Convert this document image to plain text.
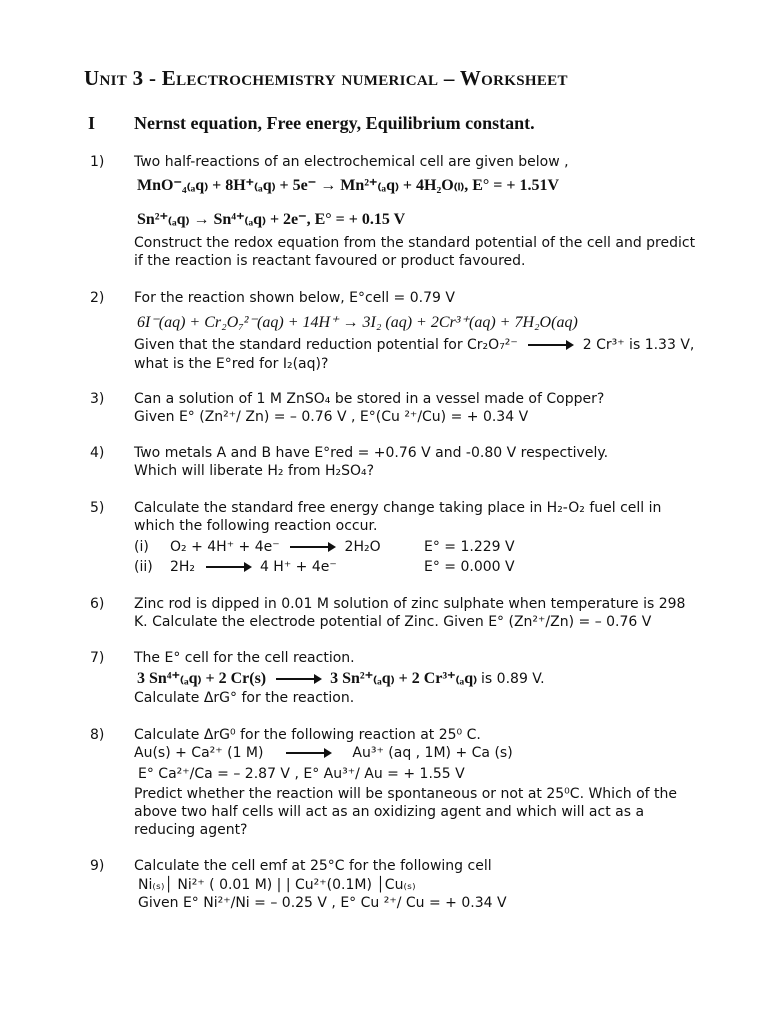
Unit 3 - Electrochemistry numerical – Worksheet
I Nernst equation, Free energy, Equilibrium constant.
1) Two half-reactions of an electrochemical cell are given below ,
MnO⁻₄₍ₐq₎ + 8H⁺₍ₐq₎ + 5e⁻ → Mn²⁺₍ₐq₎ + 4H₂O₍ₗ₎, E° = + 1.51V
Sn²⁺₍ₐq₎ → Sn⁴⁺₍ₐq₎ + 2e⁻, E° = + 0.15 V
Construct the redox equation from the standard potential of the cell and predict
if the reaction is reactant favoured or product favoured.
2) For the reaction shown below, E°cell = 0.79 V
6I⁻(aq) + Cr₂O₇²⁻(aq) + 14H⁺ → 3I₂ (aq) + 2Cr³⁺(aq) + 7H₂O(aq)
Given that the standard reduction potential for Cr₂O₇²⁻ → 2 Cr³⁺ is 1.33 V,
what is the E°red for I₂(aq)?
3) Can a solution of 1 M ZnSO₄ be stored in a vessel made of Copper?
Given E° (Zn²⁺/ Zn) = – 0.76 V , E°(Cu ²⁺/Cu) = + 0.34 V
4) Two metals A and B have E°red = +0.76 V and -0.80 V respectively.
Which will liberate H₂ from H₂SO₄?
5) Calculate the standard free energy change taking place in H₂-O₂ fuel cell in
which the following reaction occur.
(i) O₂ + 4H⁺ + 4e⁻ → 2H₂O	E° = 1.229 V
(ii) 2H₂ → 4 H⁺ + 4e⁻	E° = 0.000 V
6) Zinc rod is dipped in 0.01 M solution of zinc sulphate when temperature is 298
K. Calculate the electrode potential of Zinc. Given E° (Zn²⁺/Zn) = – 0.76 V
7) The E° cell for the cell reaction.
3 Sn⁴⁺₍ₐq₎ + 2 Cr(s) → 3 Sn²⁺₍ₐq₎ + 2 Cr³⁺₍ₐq₎ is 0.89 V.
Calculate ΔrG° for the reaction.
8) Calculate ΔrG⁰ for the following reaction at 25⁰ C.
Au(s) + Ca²⁺ (1 M)	Au³⁺ (aq , 1M) + Ca (s)
E° Ca²⁺/Ca = – 2.87 V , E° Au³⁺/ Au = + 1.55 V
Predict whether the reaction will be spontaneous or not at 25⁰C. Which of the
above two half cells will act as an oxidizing agent and which will act as a
reducing agent?
9) Calculate the cell emf at 25°C for the following cell
Ni₍ₛ₎│ Ni²⁺ ( 0.01 M) | | Cu²⁺(0.1M) │Cu₍ₛ₎
Given E° Ni²⁺/Ni = – 0.25 V , E° Cu ²⁺/ Cu = + 0.34 V
